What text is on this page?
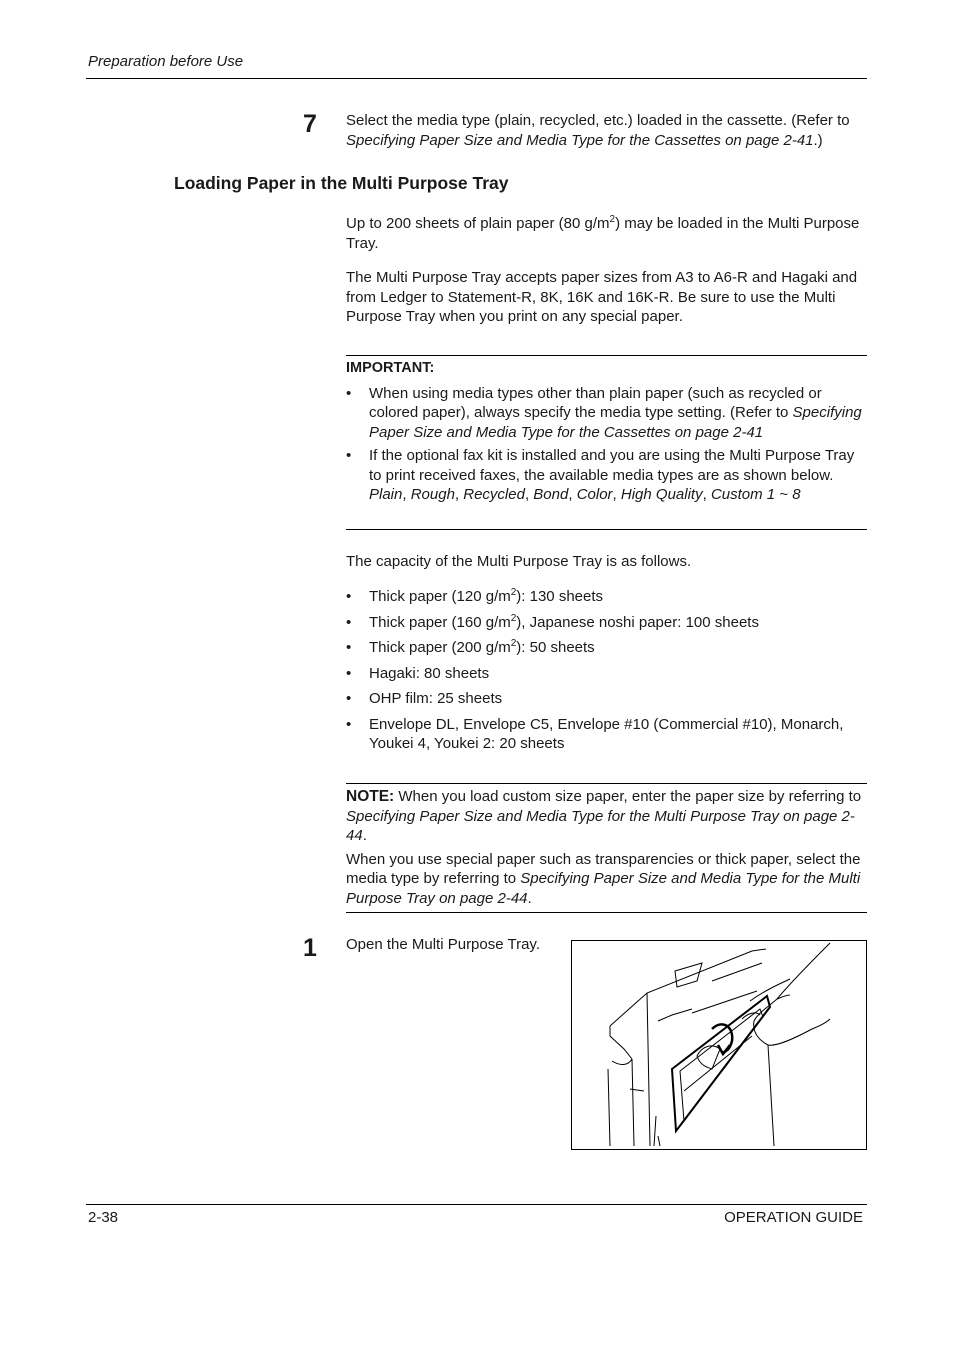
Preparation before Use
7 Select the media type (plain, recycled, etc.) loaded in the cassette. (Refer to Specifying Paper Size and Media Type for the Cassettes on page 2-41.)
Loading Paper in the Multi Purpose Tray
Up to 200 sheets of plain paper (80 $g/m^2$) may be loaded in the Multi Purpose Tray.
The Multi Purpose Tray accepts paper sizes from A3 to A6-R and Hagaki and from Ledger to Statement-R, 8K, 16K and 16K-R. Be sure to use the Multi Purpose Tray when you print on any special paper.
IMPORTANT:
• When using media types other than plain paper (such as recycled or colored paper), always specify the media type setting. (Refer to Specifying Paper Size and Media Type for the Cassettes on page 2-41
• If the optional fax kit is installed and you are using the Multi Purpose Tray to print received faxes, the available media types are as shown below.
Plain, Rough, Recycled, Bond, Color, High Quality, Custom 1 ~ 8
The capacity of the Multi Purpose Tray is as follows.
• Thick paper (120 $g/m^2$): 130 sheets
• Thick paper (160 $g/m^2$), Japanese noshi paper: 100 sheets
• Thick paper (200 $g/m^2$): 50 sheets
• Hagaki: 80 sheets
• OHP film: 25 sheets
• Envelope DL, Envelope C5, Envelope #10 (Commercial #10), Monarch, Youkei 4, Youkei 2: 20 sheets
NOTE: When you load custom size paper, enter the paper size by referring to Specifying Paper Size and Media Type for the Multi Purpose Tray on page 2-44.
When you use special paper such as transparencies or thick paper, select the media type by referring to Specifying Paper Size and Media Type for the Multi Purpose Tray on page 2-44.
1 Open the Multi Purpose Tray.
2-38	OPERATION GUIDE
